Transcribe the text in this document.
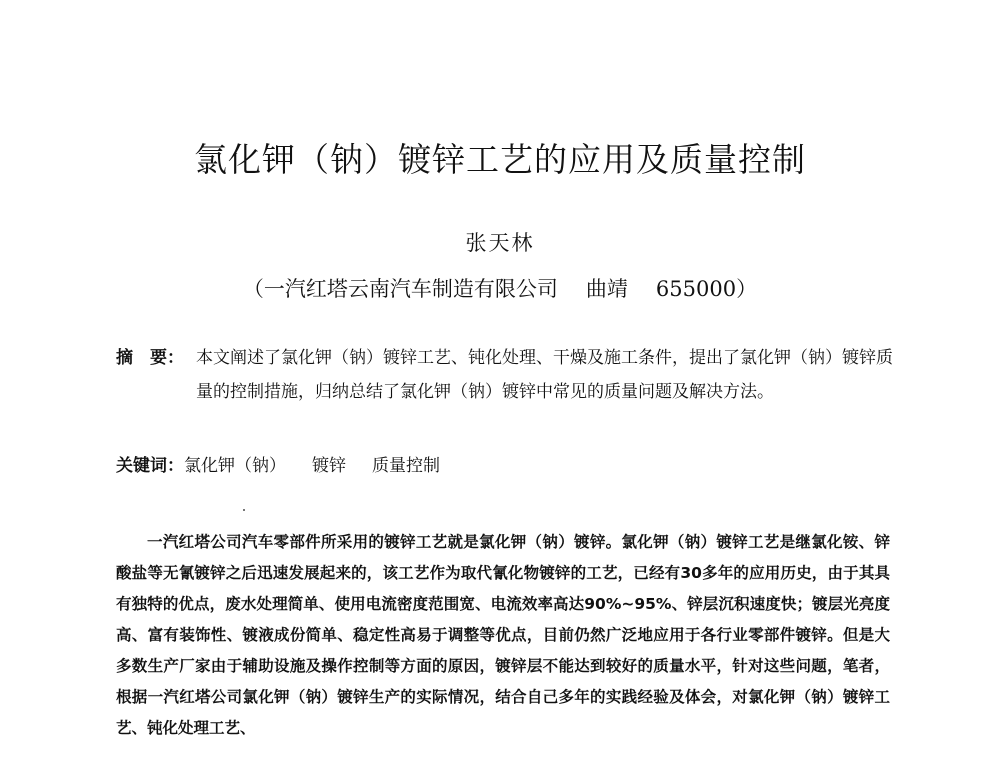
氯化钾（钠）镀锌工艺的应用及质量控制
张天林
（一汽红塔云南汽车制造有限公司 曲靖 655000）
摘　要： 本文阐述了氯化钾（钠）镀锌工艺、钝化处理、干燥及施工条件，提出了氯化钾（钠）镀锌质量的控制措施，归纳总结了氯化钾（钠）镀锌中常见的质量问题及解决方法。
关键词：氯化钾（钠） 镀锌 质量控制

一汽红塔公司汽车零部件所采用的镀锌工艺就是氯化钾（钠）镀锌。氯化钾（钠）镀锌工艺是继氯化铵、锌酸盐等无氰镀锌之后迅速发展起来的，该工艺作为取代氰化物镀锌的工艺，已经有30多年的应用历史，由于其具有独特的优点，废水处理简单、使用电流密度范围宽、电流效率高达90%~95%、锌层沉积速度快；镀层光亮度高、富有装饰性、镀液成份简单、稳定性高易于调整等优点，目前仍然广泛地应用于各行业零部件镀锌。但是大多数生产厂家由于辅助设施及操作控制等方面的原因，镀锌层不能达到较好的质量水平，针对这些问题，笔者，根据一汽红塔公司氯化钾（钠）镀锌生产的实际情况，结合自己多年的实践经验及体会，对氯化钾（钠）镀锌工艺、钝化处理工艺、
